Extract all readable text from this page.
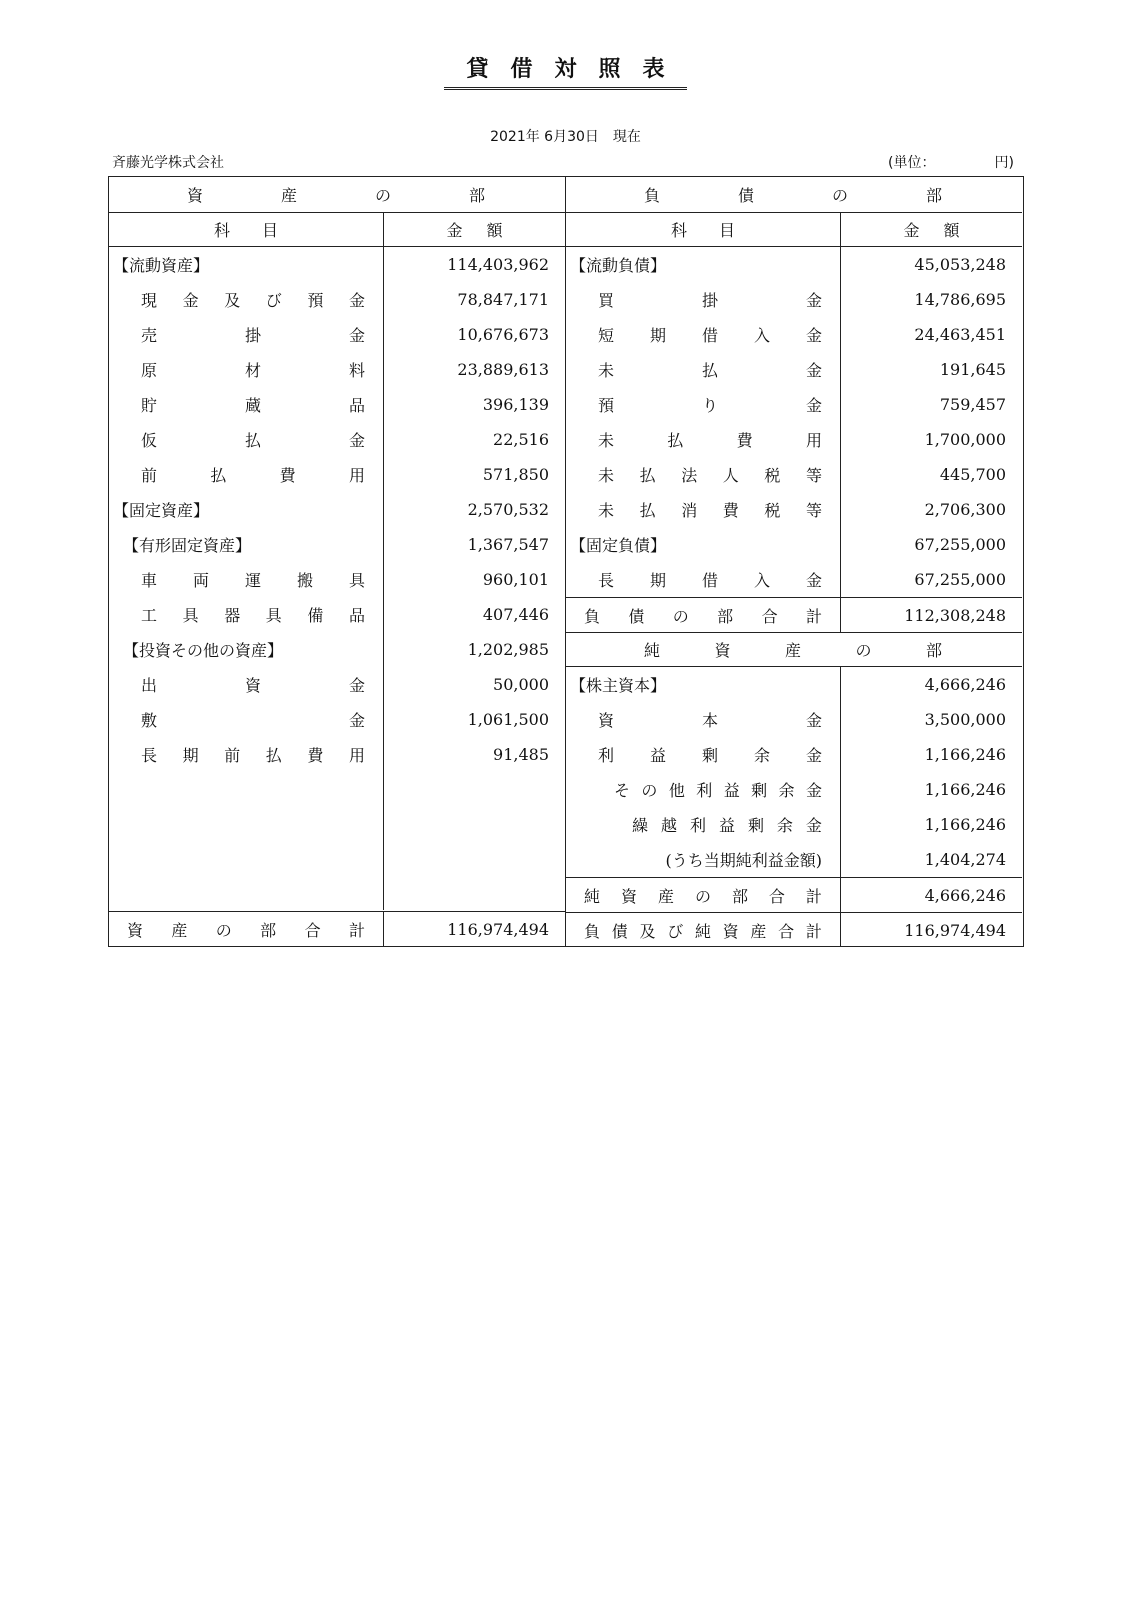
貸借対照表
2021年 6月30日　現在
斉藤光学株式会社	(単位：	円)
資	産	の	部
科 目	金 額
【流動資産】	114,403,962
現 金 及 び 預 金	78,847,171
売	掛	金	10,676,673
原	材	料	23,889,613
貯	蔵	品	396,139
仮	払	金	22,516
前	払	費	用	571,850
【固定資産】	2,570,532
【有形固定資産】	1,367,547
車 両 運 搬 具	960,101
工 具 器 具 備 品	407,446
【投資その他の資産】	1,202,985
出	資	金	50,000
敷	金	1,061,500
長 期 前 払 費 用	91,485
資 産 の 部 合 計	116,974,494
負	債	の	部
科 目	金 額
【流動負債】	45,053,248
買	掛	金	14,786,695
短 期 借 入 金	24,463,451
未	払	金	191,645
預	り	金	759,457
未	払	費	用	1,700,000
未 払 法 人 税 等	445,700
未 払 消 費 税 等	2,706,300
【固定負債】	67,255,000
長 期 借 入 金	67,255,000
負 債 の 部 合 計	112,308,248
純	資	産	の	部
【株主資本】	4,666,246
資	本	金	3,500,000
利 益 剰 余 金	1,166,246
そ の 他 利 益 剰 余 金	1,166,246
繰 越 利 益 剰 余 金	1,166,246
(うち当期純利益金額)	1,404,274
純 資 産 の 部 合 計	4,666,246
負 債 及 び 純 資 産 合 計	116,974,494
